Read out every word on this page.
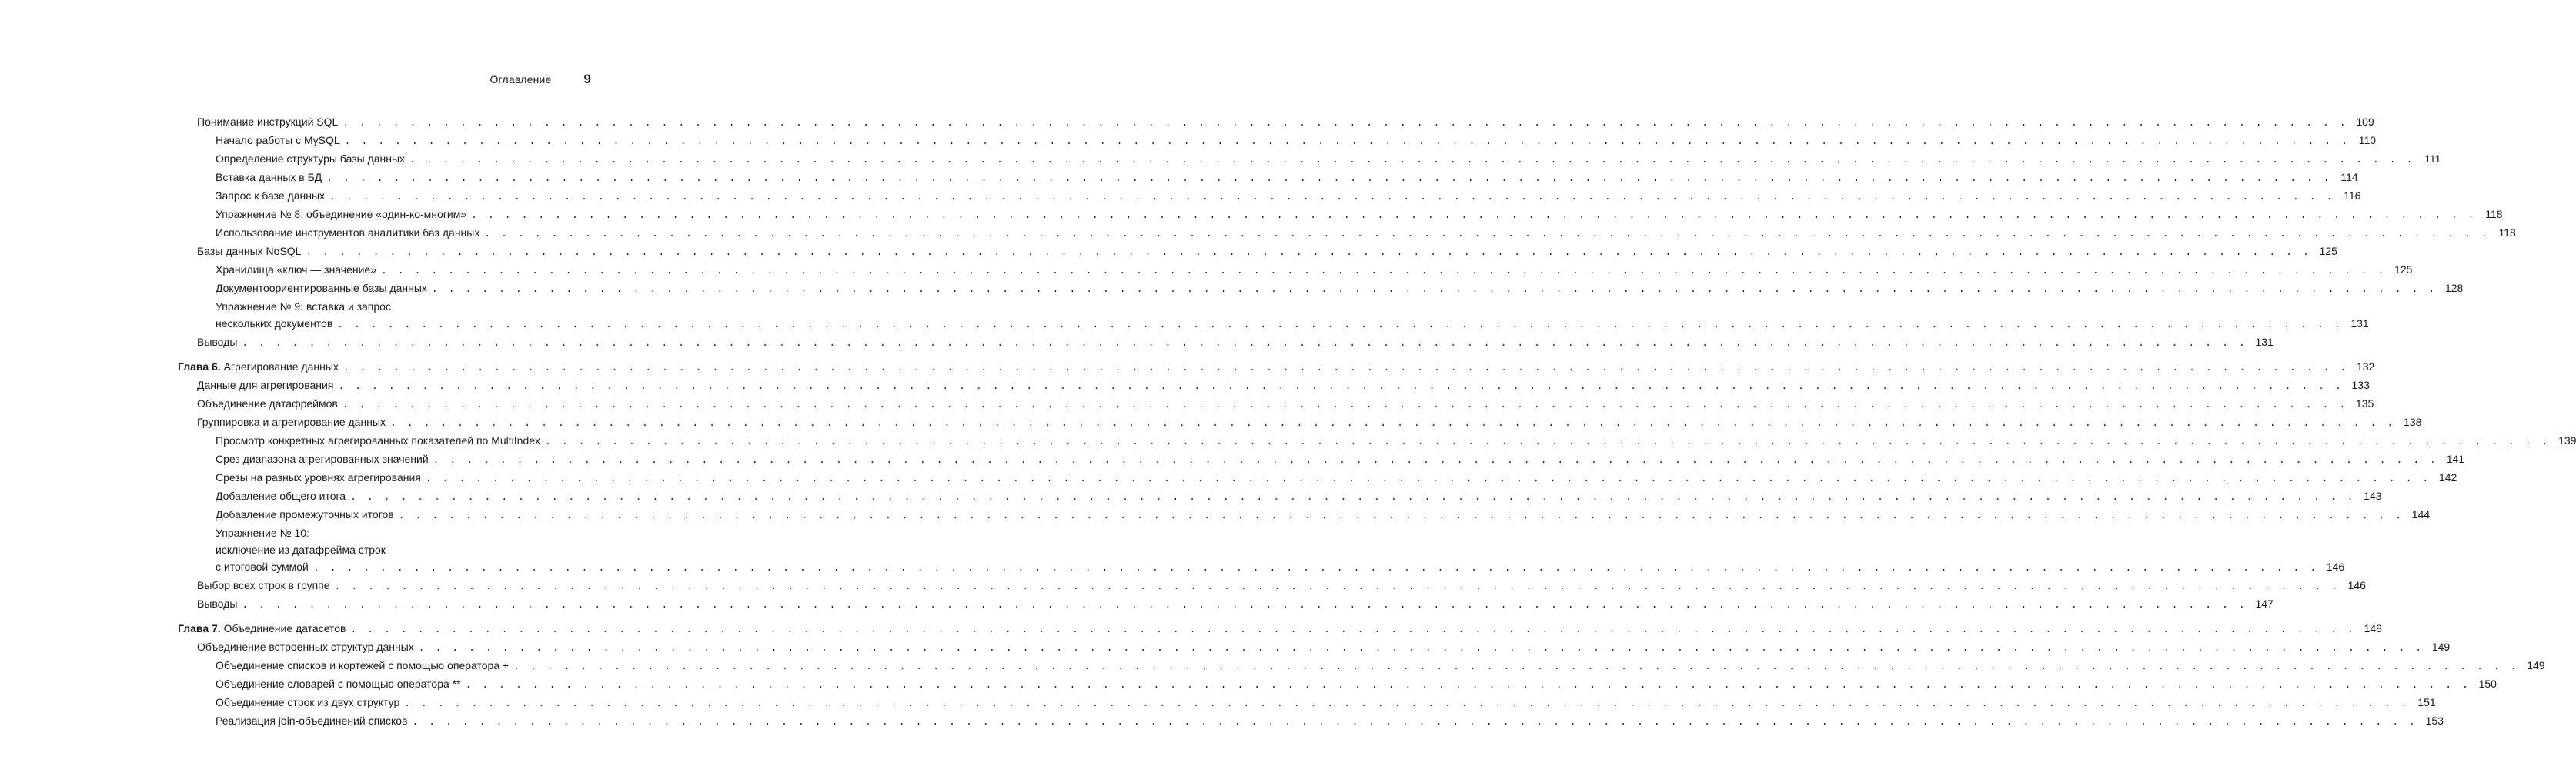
Оглавление 9
Понимание инструкций SQL . . . . . . . . . . . . . . . . . . . . . . . . . . . . . . . . . . . . . . . . . . . . . . . . . . . . . . . . . . . . . . . . . . . . . . . . . . . . . . . . . . . . . . . . . . . . . . . . . . . . . . . . . . . . . . . . . . . . . . . . 109
Начало работы с MySQL . . . . . . . . . . . . . . . . . . . . . . . . . . . . . . . . . . . . . . . . . . . . . . . . . . . . . . . . . . . . . . . . . . . . . . . . . . . . . . . . . . . . . . . . . . . . . . . . . . . . . . . . . . . . . . . . . . . . . . . . 110
Определение структуры базы данных . . . . . . . . . . . . . . . . . . . . . . . . . . . . . . . . . . . . . . . . . . . . . . . . . . . . . . . . . . . . . . . . . . . . . . . . . . . . . . . . . . . . . . . . . . . . . . . . . . . . . . . . . . . . . . . . . . . . . . . . 111
Вставка данных в БД . . . . . . . . . . . . . . . . . . . . . . . . . . . . . . . . . . . . . . . . . . . . . . . . . . . . . . . . . . . . . . . . . . . . . . . . . . . . . . . . . . . . . . . . . . . . . . . . . . . . . . . . . . . . . . . . . . . . . . . . 114
Запрос к базе данных . . . . . . . . . . . . . . . . . . . . . . . . . . . . . . . . . . . . . . . . . . . . . . . . . . . . . . . . . . . . . . . . . . . . . . . . . . . . . . . . . . . . . . . . . . . . . . . . . . . . . . . . . . . . . . . . . . . . . . . . 116
Упражнение № 8: объединение «один-ко-многим» . . . . . . . . . . . . . . . . . . . . . . . . . . . . . . . . . . . . . . . . . . . . . . . . . . . . . . . . . . . . . . . . . . . . . . . . . . . . . . . . . . . . . . . . . . . . . . . . . . . . . . . . . . . . . . . . . . . . . . . . 118
Использование инструментов аналитики баз данных . . . . . . . . . . . . . . . . . . . . . . . . . . . . . . . . . . . . . . . . . . . . . . . . . . . . . . . . . . . . . . . . . . . . . . . . . . . . . . . . . . . . . . . . . . . . . . . . . . . . . . . . . . . . . . . . . . . . . . . . 118
Базы данных NoSQL . . . . . . . . . . . . . . . . . . . . . . . . . . . . . . . . . . . . . . . . . . . . . . . . . . . . . . . . . . . . . . . . . . . . . . . . . . . . . . . . . . . . . . . . . . . . . . . . . . . . . . . . . . . . . . . . . . . . . . . . 125
Хранилища «ключ — значение» . . . . . . . . . . . . . . . . . . . . . . . . . . . . . . . . . . . . . . . . . . . . . . . . . . . . . . . . . . . . . . . . . . . . . . . . . . . . . . . . . . . . . . . . . . . . . . . . . . . . . . . . . . . . . . . . . . . . . . . . 125
Документоориентированные базы данных . . . . . . . . . . . . . . . . . . . . . . . . . . . . . . . . . . . . . . . . . . . . . . . . . . . . . . . . . . . . . . . . . . . . . . . . . . . . . . . . . . . . . . . . . . . . . . . . . . . . . . . . . . . . . . . . . . . . . . . . 128
Упражнение № 9: вставка и запрос
нескольких документов . . . . . . . . . . . . . . . . . . . . . . . . . . . . . . . . . . . . . . . . . . . . . . . . . . . . . . . . . . . . . . . . . . . . . . . . . . . . . . . . . . . . . . . . . . . . . . . . . . . . . . . . . . . . . . . . . . . . . . . . 131
Выводы . . . . . . . . . . . . . . . . . . . . . . . . . . . . . . . . . . . . . . . . . . . . . . . . . . . . . . . . . . . . . . . . . . . . . . . . . . . . . . . . . . . . . . . . . . . . . . . . . . . . . . . . . . . . . . . . . . . . . . . . 131
Глава 6. Агрегирование данных . . . . . . . . . . . . . . . . . . . . . . . . . . . . . . . . . . . . . . . . . . . . . . . . . . . . . . . . . . . . . . . . . . . . . . . . . . . . . . . . . . . . . . . . . . . . . . . . . . . . . . . . . . . . . . . . . . . . . . . . 132
Данные для агрегирования . . . . . . . . . . . . . . . . . . . . . . . . . . . . . . . . . . . . . . . . . . . . . . . . . . . . . . . . . . . . . . . . . . . . . . . . . . . . . . . . . . . . . . . . . . . . . . . . . . . . . . . . . . . . . . . . . . . . . . . . 133
Объединение датафреймов . . . . . . . . . . . . . . . . . . . . . . . . . . . . . . . . . . . . . . . . . . . . . . . . . . . . . . . . . . . . . . . . . . . . . . . . . . . . . . . . . . . . . . . . . . . . . . . . . . . . . . . . . . . . . . . . . . . . . . . . 135
Группировка и агрегирование данных . . . . . . . . . . . . . . . . . . . . . . . . . . . . . . . . . . . . . . . . . . . . . . . . . . . . . . . . . . . . . . . . . . . . . . . . . . . . . . . . . . . . . . . . . . . . . . . . . . . . . . . . . . . . . . . . . . . . . . . . 138
Просмотр конкретных агрегированных показателей по MultiIndex . . . . . . . . . . . . . . . . . . . . . . . . . . . . . . . . . . . . . . . . . . . . . . . . . . . . . . . . . . . . . . . . . . . . . . . . . . . . . . . . . . . . . . . . . . . . . . . . . . . . . . . . . . . . . . . . . . . . . . . . 139
Срез диапазона агрегированных значений . . . . . . . . . . . . . . . . . . . . . . . . . . . . . . . . . . . . . . . . . . . . . . . . . . . . . . . . . . . . . . . . . . . . . . . . . . . . . . . . . . . . . . . . . . . . . . . . . . . . . . . . . . . . . . . . . . . . . . . . 141
Срезы на разных уровнях агрегирования . . . . . . . . . . . . . . . . . . . . . . . . . . . . . . . . . . . . . . . . . . . . . . . . . . . . . . . . . . . . . . . . . . . . . . . . . . . . . . . . . . . . . . . . . . . . . . . . . . . . . . . . . . . . . . . . . . . . . . . . 142
Добавление общего итога . . . . . . . . . . . . . . . . . . . . . . . . . . . . . . . . . . . . . . . . . . . . . . . . . . . . . . . . . . . . . . . . . . . . . . . . . . . . . . . . . . . . . . . . . . . . . . . . . . . . . . . . . . . . . . . . . . . . . . . . 143
Добавление промежуточных итогов . . . . . . . . . . . . . . . . . . . . . . . . . . . . . . . . . . . . . . . . . . . . . . . . . . . . . . . . . . . . . . . . . . . . . . . . . . . . . . . . . . . . . . . . . . . . . . . . . . . . . . . . . . . . . . . . . . . . . . . . 144
Упражнение № 10:
исключение из датафрейма строк
с итоговой суммой . . . . . . . . . . . . . . . . . . . . . . . . . . . . . . . . . . . . . . . . . . . . . . . . . . . . . . . . . . . . . . . . . . . . . . . . . . . . . . . . . . . . . . . . . . . . . . . . . . . . . . . . . . . . . . . . . . . . . . . . 146
Выбор всех строк в группе . . . . . . . . . . . . . . . . . . . . . . . . . . . . . . . . . . . . . . . . . . . . . . . . . . . . . . . . . . . . . . . . . . . . . . . . . . . . . . . . . . . . . . . . . . . . . . . . . . . . . . . . . . . . . . . . . . . . . . . . 146
Выводы . . . . . . . . . . . . . . . . . . . . . . . . . . . . . . . . . . . . . . . . . . . . . . . . . . . . . . . . . . . . . . . . . . . . . . . . . . . . . . . . . . . . . . . . . . . . . . . . . . . . . . . . . . . . . . . . . . . . . . . . 147
Глава 7. Объединение датасетов . . . . . . . . . . . . . . . . . . . . . . . . . . . . . . . . . . . . . . . . . . . . . . . . . . . . . . . . . . . . . . . . . . . . . . . . . . . . . . . . . . . . . . . . . . . . . . . . . . . . . . . . . . . . . . . . . . . . . . . . 148
Объединение встроенных структур данных . . . . . . . . . . . . . . . . . . . . . . . . . . . . . . . . . . . . . . . . . . . . . . . . . . . . . . . . . . . . . . . . . . . . . . . . . . . . . . . . . . . . . . . . . . . . . . . . . . . . . . . . . . . . . . . . . . . . . . . . 149
Объединение списков и кортежей с помощью оператора + . . . . . . . . . . . . . . . . . . . . . . . . . . . . . . . . . . . . . . . . . . . . . . . . . . . . . . . . . . . . . . . . . . . . . . . . . . . . . . . . . . . . . . . . . . . . . . . . . . . . . . . . . . . . . . . . . . . . . . . . 149
Объединение словарей с помощью оператора ** . . . . . . . . . . . . . . . . . . . . . . . . . . . . . . . . . . . . . . . . . . . . . . . . . . . . . . . . . . . . . . . . . . . . . . . . . . . . . . . . . . . . . . . . . . . . . . . . . . . . . . . . . . . . . . . . . . . . . . . . 150
Объединение строк из двух структур . . . . . . . . . . . . . . . . . . . . . . . . . . . . . . . . . . . . . . . . . . . . . . . . . . . . . . . . . . . . . . . . . . . . . . . . . . . . . . . . . . . . . . . . . . . . . . . . . . . . . . . . . . . . . . . . . . . . . . . . 151
Реализация join-объединений списков . . . . . . . . . . . . . . . . . . . . . . . . . . . . . . . . . . . . . . . . . . . . . . . . . . . . . . . . . . . . . . . . . . . . . . . . . . . . . . . . . . . . . . . . . . . . . . . . . . . . . . . . . . . . . . . . . . . . . . . . 153
